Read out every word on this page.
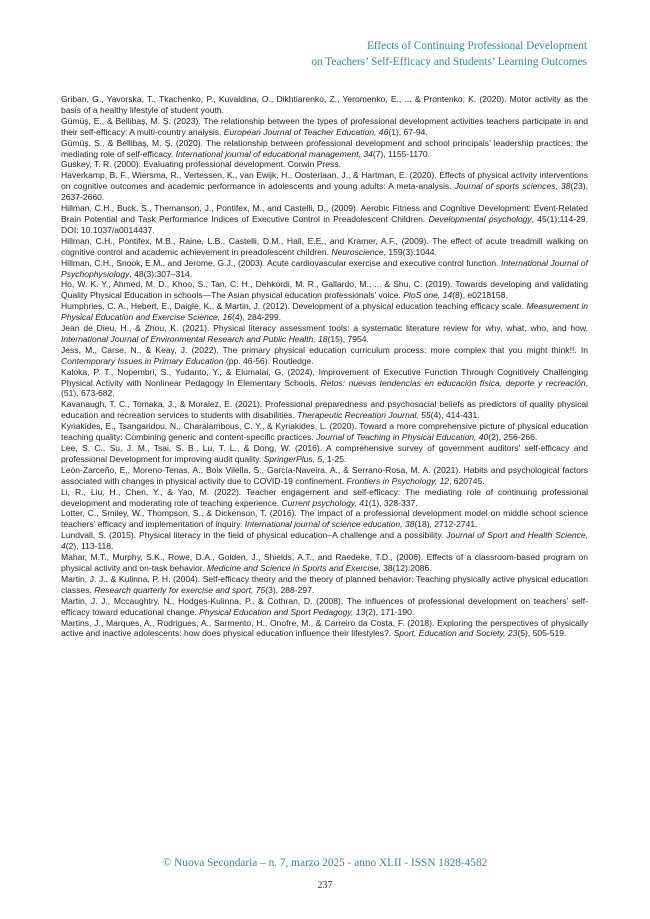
Effects of Continuing Professional Development
on Teachers’ Self-Efficacy and Students’ Learning Outcomes

Griban, G., Yavorska, T., Tkachenko, P., Kuvaldina, O., Dikhtiarenko, Z., Yeromenko, E., ... & Prontenko, K. (2020). Motor activity as the basis of a healthy lifestyle of student youth.

Gümüş, E., & Bellibaş, M. Ş. (2023). The relationship between the types of professional development activities teachers participate in and their self-efficacy: A multi-country analysis. European Journal of Teacher Education, 46(1), 67-94.

Gümüş, S., & Bellibaş, M. Ş. (2020). The relationship between professional development and school principals’ leadership practices: the mediating role of self-efficacy. International journal of educational management, 34(7), 1155-1170.

Guskey, T. R. (2000). Evaluating professional development. Corwin Press.

Haverkamp, B. F., Wiersma, R., Vertessen, K., van Ewijk, H., Oosterlaan, J., & Hartman, E. (2020). Effects of physical activity interventions on cognitive outcomes and academic performance in adolescents and young adults: A meta-analysis. Journal of sports sciences, 38(23), 2637-2660.

Hillman, C.H., Buck, S., Themanson, J., Pontifex, M., and Castelli, D., (2009). Aerobic Fitness and Cognitive Development: Event-Related Brain Potential and Task Performance Indices of Executive Control in Preadolescent Children. Developmental psychology, 45(1):114-29. DOI: 10.1037/a0014437.

Hillman, C.H., Pontifex, M.B., Raine, L.B., Castelli, D.M., Hall, E.E., and Kramer, A.F., (2009). The effect of acute treadmill walking on cognitive control and academic achievement in preadolescent children. Neuroscience, 159(3):1044.

Hillman, C.H., Snook, E.M., and Jerome, G.J., (2003). Acute cardiovascular exercise and executive control function. International Journal of Psychophysiology, 48(3):307–314.

Ho, W. K. Y., Ahmed, M. D., Khoo, S., Tan, C. H., Dehkordi, M. R., Gallardo, M., ... & Shu, C. (2019). Towards developing and validating Quality Physical Education in schools—The Asian physical education professionals’ voice. PloS one, 14(8), e0218158.

Humphries, C. A., Hebert, E., Daigle, K., & Martin, J. (2012). Development of a physical education teaching efficacy scale. Measurement in Physical Education and Exercise Science, 16(4), 284-299.

Jean de Dieu, H., & Zhou, K. (2021). Physical literacy assessment tools: a systematic literature review for why, what, who, and how. International Journal of Environmental Research and Public Health, 18(15), 7954.

Jess, M., Carse, N., & Keay, J. (2022). The primary physical education curriculum process: more complex that you might think!!. In Contemporary Issues in Primary Education (pp. 46-56). Routledge.

Kaloka, P. T., Nopembri, S., Yudanto, Y., & Elumalai, G. (2024). Improvement of Executive Function Through Cognitively Challenging Physical Activity with Nonlinear Pedagogy In Elementary Schools. Retos: nuevas tendencias en educación física, deporte y recreación, (51), 673-682.

Kavanaugh, T. C., Tomaka, J., & Moralez, E. (2021). Professional preparedness and psychosocial beliefs as predictors of quality physical education and recreation services to students with disabilities. Therapeutic Recreation Journal, 55(4), 414-431.

Kyriakides, E., Tsangaridou, N., Charalambous, C. Y., & Kyriakides, L. (2020). Toward a more comprehensive picture of physical education teaching quality: Combining generic and content-specific practices. Journal of Teaching in Physical Education, 40(2), 256-266.

Lee, S. C., Su, J. M., Tsai, S. B., Lu, T. L., & Dong, W. (2016). A comprehensive survey of government auditors’ self-efficacy and professional Development for improving audit quality. SpringerPlus, 5, 1-25.

León-Zarceño, E., Moreno-Tenas, A., Boix Vilella, S., García-Naveira, A., & Serrano-Rosa, M. A. (2021). Habits and psychological factors associated with changes in physical activity due to COVID-19 confinement. Frontiers in Psychology, 12, 620745.

Li, R., Liu, H., Chen, Y., & Yao, M. (2022). Teacher engagement and self-efficacy: The mediating role of continuing professional development and moderating role of teaching experience. Current psychology, 41(1), 328-337.

Lotter, C., Smiley, W., Thompson, S., & Dickenson, T. (2016). The impact of a professional development model on middle school science teachers’ efficacy and implementation of inquiry. International journal of science education, 38(18), 2712-2741.

Lundvall, S. (2015). Physical literacy in the field of physical education–A challenge and a possibility. Journal of Sport and Health Science, 4(2), 113-118.

Mahar, M.T., Murphy, S.K., Rowe, D.A., Golden, J., Shields, A.T., and Raedeke, T.D., (2006). Effects of a classroom-based program on physical activity and on-task behavior. Medicine and Science in Sports and Exercise, 38(12):2086.

Martin, J. J., & Kulinna, P. H. (2004). Self-efficacy theory and the theory of planned behavior: Teaching physically active physical education classes. Research quarterly for exercise and sport, 75(3), 288-297.

Martin, J. J., Mccaughtry, N., Hodges-Kulinna, P., & Cothran, D. (2008). The influences of professional development on teachers’ self-efficacy toward educational change. Physical Education and Sport Pedagogy, 13(2), 171-190.

Martins, J., Marques, A., Rodrigues, A., Sarmento, H., Onofre, M., & Carreiro da Costa, F. (2018). Exploring the perspectives of physically active and inactive adolescents: how does physical education influence their lifestyles?. Sport, Education and Society, 23(5), 505-519.

© Nuova Secondaria – n. 7, marzo 2025 - anno XLII - ISSN 1828-4582
237
